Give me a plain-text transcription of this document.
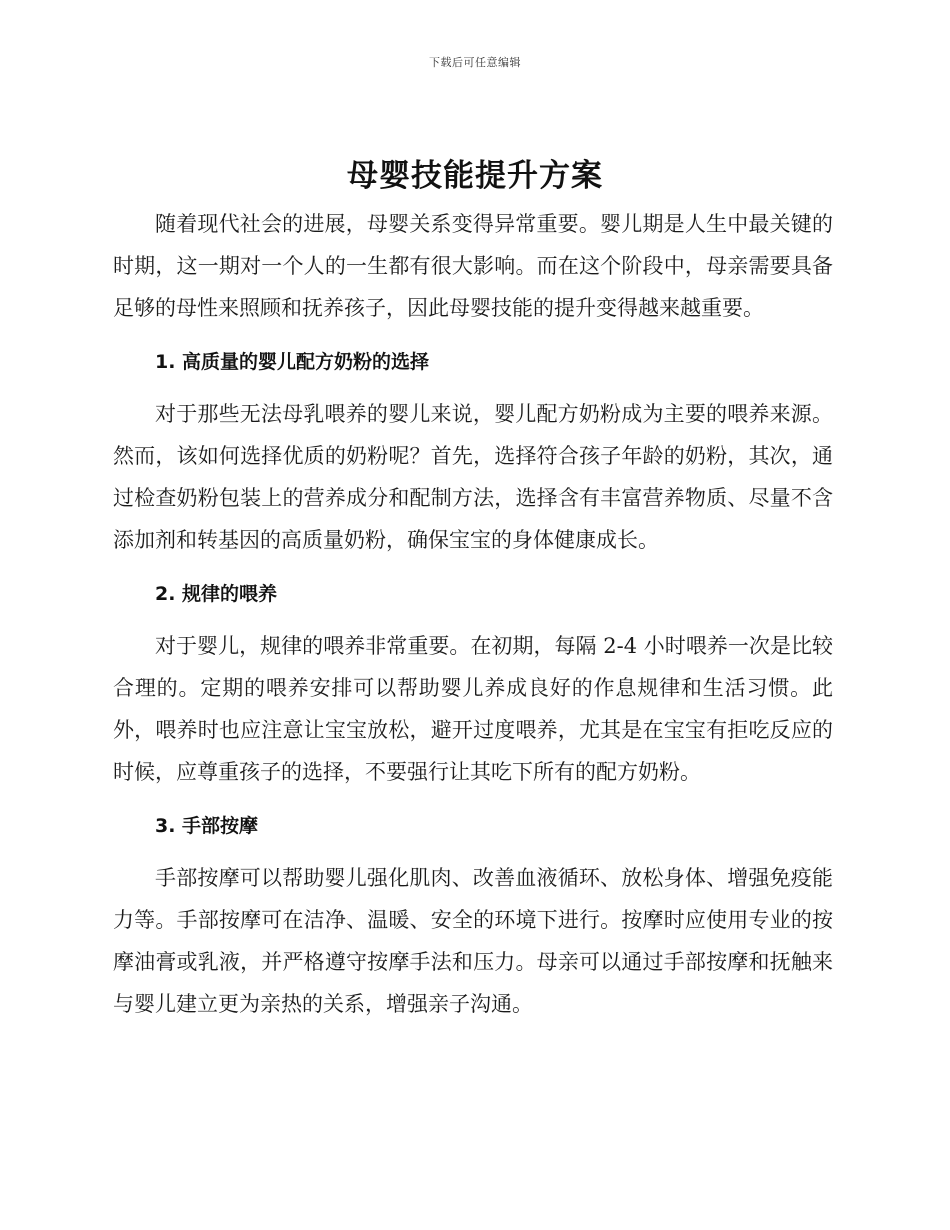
下载后可任意编辑
母婴技能提升方案

随着现代社会的进展，母婴关系变得异常重要。婴儿期是人生中最关键的时期，这一期对一个人的一生都有很大影响。而在这个阶段中，母亲需要具备足够的母性来照顾和抚养孩子，因此母婴技能的提升变得越来越重要。

1. 高质量的婴儿配方奶粉的选择

对于那些无法母乳喂养的婴儿来说，婴儿配方奶粉成为主要的喂养来源。然而，该如何选择优质的奶粉呢？首先，选择符合孩子年龄的奶粉，其次，通过检查奶粉包装上的营养成分和配制方法，选择含有丰富营养物质、尽量不含添加剂和转基因的高质量奶粉，确保宝宝的身体健康成长。

2. 规律的喂养

对于婴儿，规律的喂养非常重要。在初期，每隔 2-4 小时喂养一次是比较合理的。定期的喂养安排可以帮助婴儿养成良好的作息规律和生活习惯。此外，喂养时也应注意让宝宝放松，避开过度喂养，尤其是在宝宝有拒吃反应的时候，应尊重孩子的选择，不要强行让其吃下所有的配方奶粉。

3. 手部按摩

手部按摩可以帮助婴儿强化肌肉、改善血液循环、放松身体、增强免疫能力等。手部按摩可在洁净、温暖、安全的环境下进行。按摩时应使用专业的按摩油膏或乳液，并严格遵守按摩手法和压力。母亲可以通过手部按摩和抚触来与婴儿建立更为亲热的关系，增强亲子沟通。
